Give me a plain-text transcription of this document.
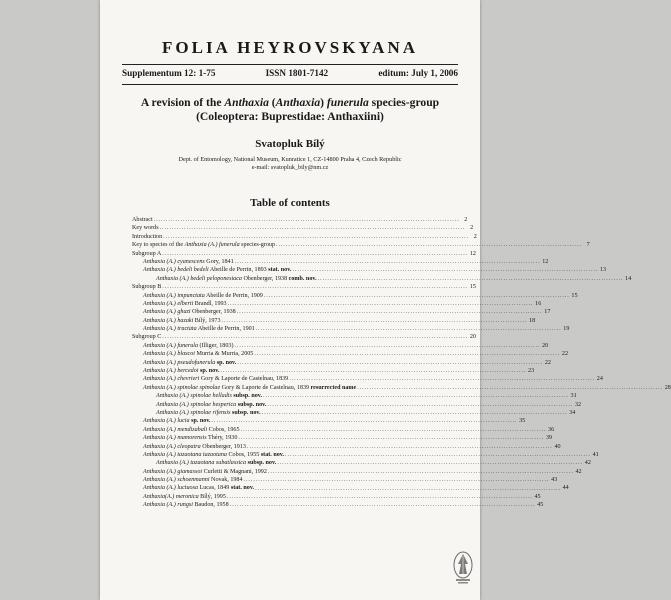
FOLIA HEYROVSKYANA
Supplementum 12: 1-75	ISSN 1801-7142	editum: July 1, 2006
A revision of the Anthaxia (Anthaxia) funerula species-group
(Coleoptera: Buprestidae: Anthaxiini)
Svatopluk Bílý
Dept. of Entomology, National Museum, Kunratice 1, CZ-14800 Praha 4, Czech Republic
e-mail: svatopluk_bily@nm.cz
Table of contents
Abstract . . .	2
Key words . . .	2
Introduction . . .	2
Key to species of the Anthaxia (A.) funerula species-group . . .	7
Subgroup A . . .	12
Anthaxia (A.) cyanescens Gory, 1841 . . .	12
Anthaxia (A.) bedeli bedeli Abeille de Perrin, 1893 stat. nov. . . .	13
Anthaxia (A.) bedeli peloponesiaca Obenberger, 1938 comb. nov. . . .	14
Subgroup B . . .	15
Anthaxia (A.) impunctata Abeille de Perrin, 1909 . . .	15
Anthaxia (A.) elberti Brandl, 1993 . . .	16
Anthaxia (A.) ghazi Obenberger, 1938 . . .	17
Anthaxia (A.) hazaki Bílý, 1973 . . .	18
Anthaxia (A.) tractata Abeille de Perrin, 1901 . . .	19
Subgroup C . . .	20
Anthaxia (A.) funerula (Illiger, 1803) . . .	20
Anthaxia (A.) blascoi Murria & Murria, 2005 . . .	22
Anthaxia (A.) pseudofunerula sp. nov. . . .	22
Anthaxia (A.) bercedoi sp. nov. . . .	23
Anthaxia (A.) chevrieri Gory & Laporte de Castelnau, 1839 . . .	24
Anthaxia (A.) spinolae spinolae Gory & Laporte de Castelnau, 1839 resurrected name . . .	28
Anthaxia (A.) spinolae helladis subsp. nov. . . .	31
Anthaxia (A.) spinolae hesperica subsp. nov. . . .	32
Anthaxia (A.) spinolae rifensis subsp. nov. . . .	34
Anthaxia (A.) lucia sp. nov. . . .	35
Anthaxia (A.) mendizabali Cobos, 1965 . . .	36
Anthaxia (A.) mamorensis Théry, 1930 . . .	39
Anthaxia (A.) cleopatra Obenberger, 1913 . . .	40
Anthaxia (A.) tazaotana tazaotana Cobos, 1955 stat. nov. . . .	41
Anthaxia (A.) tazaotana subatlassica subsp. nov. . . .	42
Anthaxia (A.) giamassoi Curletti & Magnani, 1992 . . .	42
Anthaxia (A.) schoenmanni Novak, 1984 . . .	43
Anthaxia (A.) luctuosa Lucas, 1849 stat. nov. . . .	44
Anthaxia(A.) meronica Bílý, 1995 . . .	45
Anthaxia (A.) rungsi Baudon, 1958 . . .	45
